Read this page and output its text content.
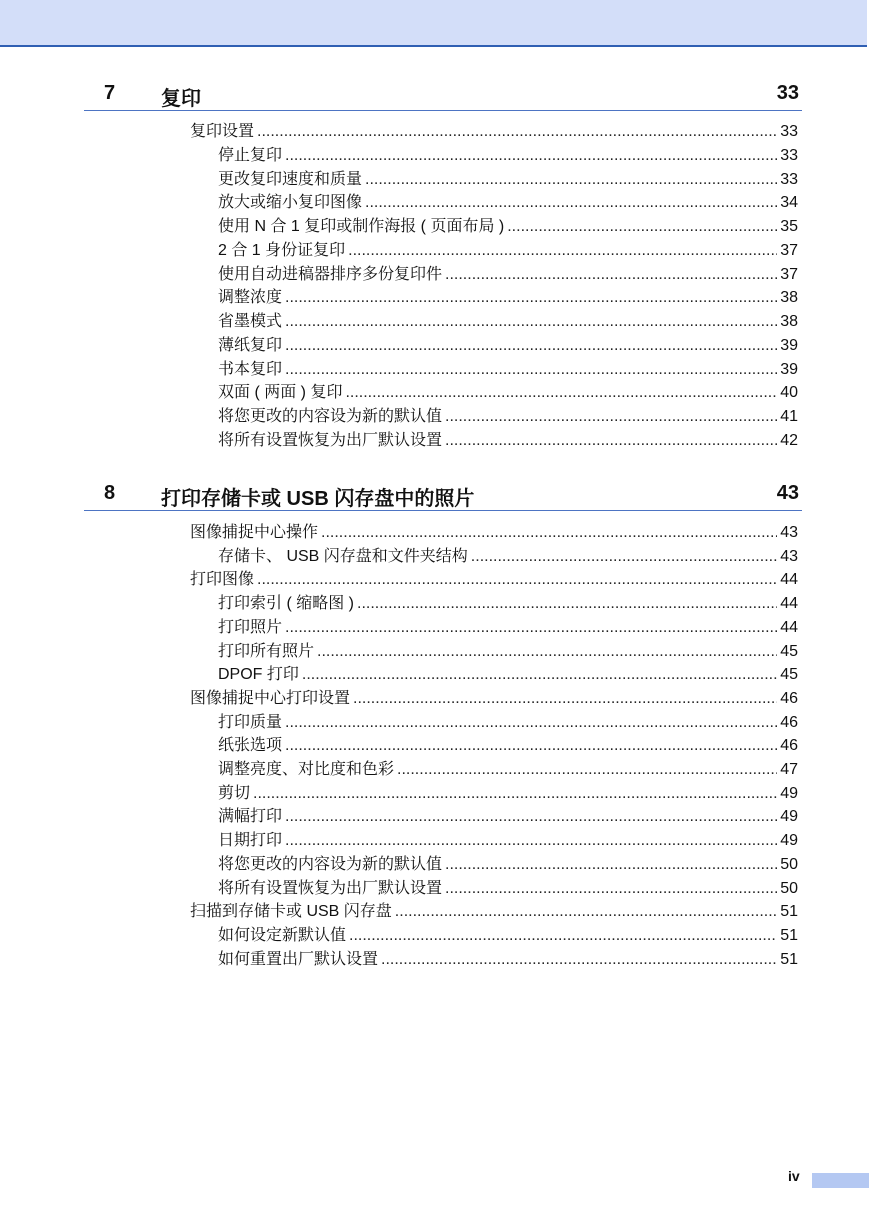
7 复印	33
复印设置 .....	33
停止复印 .....	33
更改复印速度和质量 .....	33
放大或缩小复印图像 .....	34
使用 N 合 1 复印或制作海报 ( 页面布局 ) .....	35
2 合 1 身份证复印 .....	37
使用自动进稿器排序多份复印件 .....	37
调整浓度 .....	38
省墨模式 .....	38
薄纸复印 .....	39
书本复印 .....	39
双面 ( 两面 ) 复印 .....	40
将您更改的内容设为新的默认值 .....	41
将所有设置恢复为出厂默认设置 .....	42
8 打印存储卡或 USB 闪存盘中的照片	43
图像捕捉中心操作 .....	43
存储卡、 USB 闪存盘和文件夹结构 .....	43
打印图像 .....	44
打印索引 ( 缩略图 ) .....	44
打印照片 .....	44
打印所有照片 .....	45
DPOF 打印 .....	45
图像捕捉中心打印设置 .....	46
打印质量 .....	46
纸张选项 .....	46
调整亮度、对比度和色彩 .....	47
剪切 .....	49
满幅打印 .....	49
日期打印 .....	49
将您更改的内容设为新的默认值 .....	50
将所有设置恢复为出厂默认设置 .....	50
扫描到存储卡或 USB 闪存盘 .....	51
如何设定新默认值 .....	51
如何重置出厂默认设置 .....	51
iv
